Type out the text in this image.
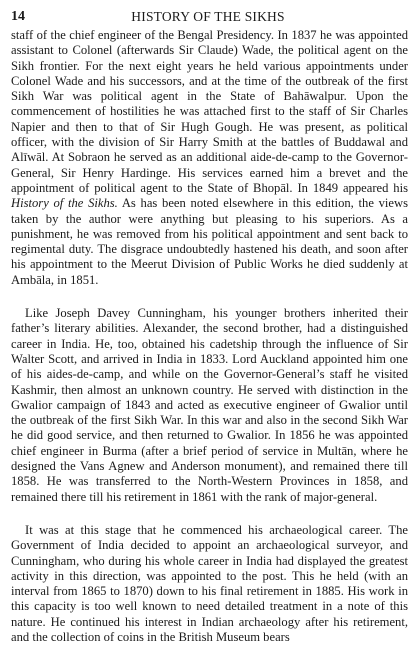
14	HISTORY OF THE SIKHS

staff of the chief engineer of the Bengal Presidency. In 1837 he was appointed assistant to Colonel (afterwards Sir Claude) Wade, the political agent on the Sikh frontier. For the next eight years he held various appointments under Colonel Wade and his successors, and at the time of the outbreak of the first Sikh War was political agent in the State of Bahāwalpur. Upon the commencement of hostilities he was attached first to the staff of Sir Charles Napier and then to that of Sir Hugh Gough. He was present, as political officer, with the division of Sir Harry Smith at the battles of Buddawal and Alīwāl. At Sobraon he served as an additional aide-de-camp to the Governor-General, Sir Henry Hardinge. His services earned him a brevet and the appointment of political agent to the State of Bhopāl. In 1849 appeared his History of the Sikhs. As has been noted elsewhere in this edition, the views taken by the author were anything but pleasing to his superiors. As a punishment, he was removed from his political appointment and sent back to regimental duty. The disgrace undoubtedly hastened his death, and soon after his appointment to the Meerut Division of Public Works he died suddenly at Ambāla, in 1851.

Like Joseph Davey Cunningham, his younger brothers inherited their father’s literary abilities. Alexander, the second brother, had a distinguished career in India. He, too, obtained his cadetship through the influence of Sir Walter Scott, and arrived in India in 1833. Lord Auckland appointed him one of his aides-de-camp, and while on the Governor-General’s staff he visited Kashmir, then almost an unknown country. He served with distinction in the Gwalior campaign of 1843 and acted as executive engineer of Gwalior until the outbreak of the first Sikh War. In this war and also in the second Sikh War he did good service, and then returned to Gwalior. In 1856 he was appointed chief engineer in Burma (after a brief period of service in Multān, where he designed the Vans Agnew and Anderson monument), and remained there till 1858. He was transferred to the North-Western Provinces in 1858, and remained there till his retirement in 1861 with the rank of major-general.

It was at this stage that he commenced his archaeological career. The Government of India decided to appoint an archaeological surveyor, and Cunningham, who during his whole career in India had displayed the greatest activity in this direction, was appointed to the post. This he held (with an interval from 1865 to 1870) down to his final retirement in 1885. His work in this capacity is too well known to need detailed treatment in a note of this nature. He continued his interest in Indian archaeology after his retirement, and the collection of coins in the British Museum bears
